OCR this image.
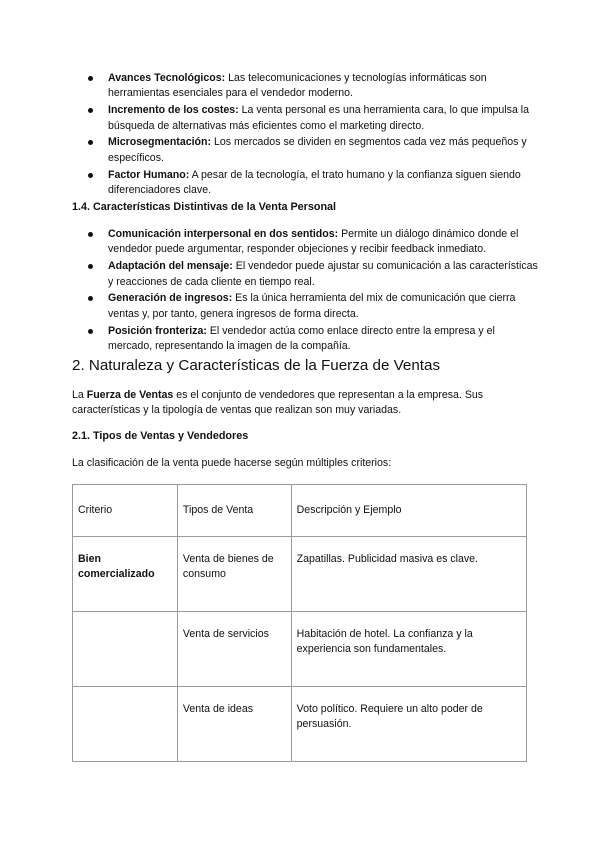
Avances Tecnológicos: Las telecomunicaciones y tecnologías informáticas son herramientas esenciales para el vendedor moderno.
Incremento de los costes: La venta personal es una herramienta cara, lo que impulsa la búsqueda de alternativas más eficientes como el marketing directo.
Microsegmentación: Los mercados se dividen en segmentos cada vez más pequeños y específicos.
Factor Humano: A pesar de la tecnología, el trato humano y la confianza siguen siendo diferenciadores clave.
1.4. Características Distintivas de la Venta Personal
Comunicación interpersonal en dos sentidos: Permite un diálogo dinámico donde el vendedor puede argumentar, responder objeciones y recibir feedback inmediato.
Adaptación del mensaje: El vendedor puede ajustar su comunicación a las características y reacciones de cada cliente en tiempo real.
Generación de ingresos: Es la única herramienta del mix de comunicación que cierra ventas y, por tanto, genera ingresos de forma directa.
Posición fronteriza: El vendedor actúa como enlace directo entre la empresa y el mercado, representando la imagen de la compañía.
2. Naturaleza y Características de la Fuerza de Ventas
La Fuerza de Ventas es el conjunto de vendedores que representan a la empresa. Sus características y la tipología de ventas que realizan son muy variadas.
2.1. Tipos de Ventas y Vendedores
La clasificación de la venta puede hacerse según múltiples criterios:
Criterio	Tipos de Venta	Descripción y Ejemplo
Bien comercializado	Venta de bienes de consumo	Zapatillas. Publicidad masiva es clave.
	Venta de servicios	Habitación de hotel. La confianza y la experiencia son fundamentales.
	Venta de ideas	Voto político. Requiere un alto poder de persuasión.
